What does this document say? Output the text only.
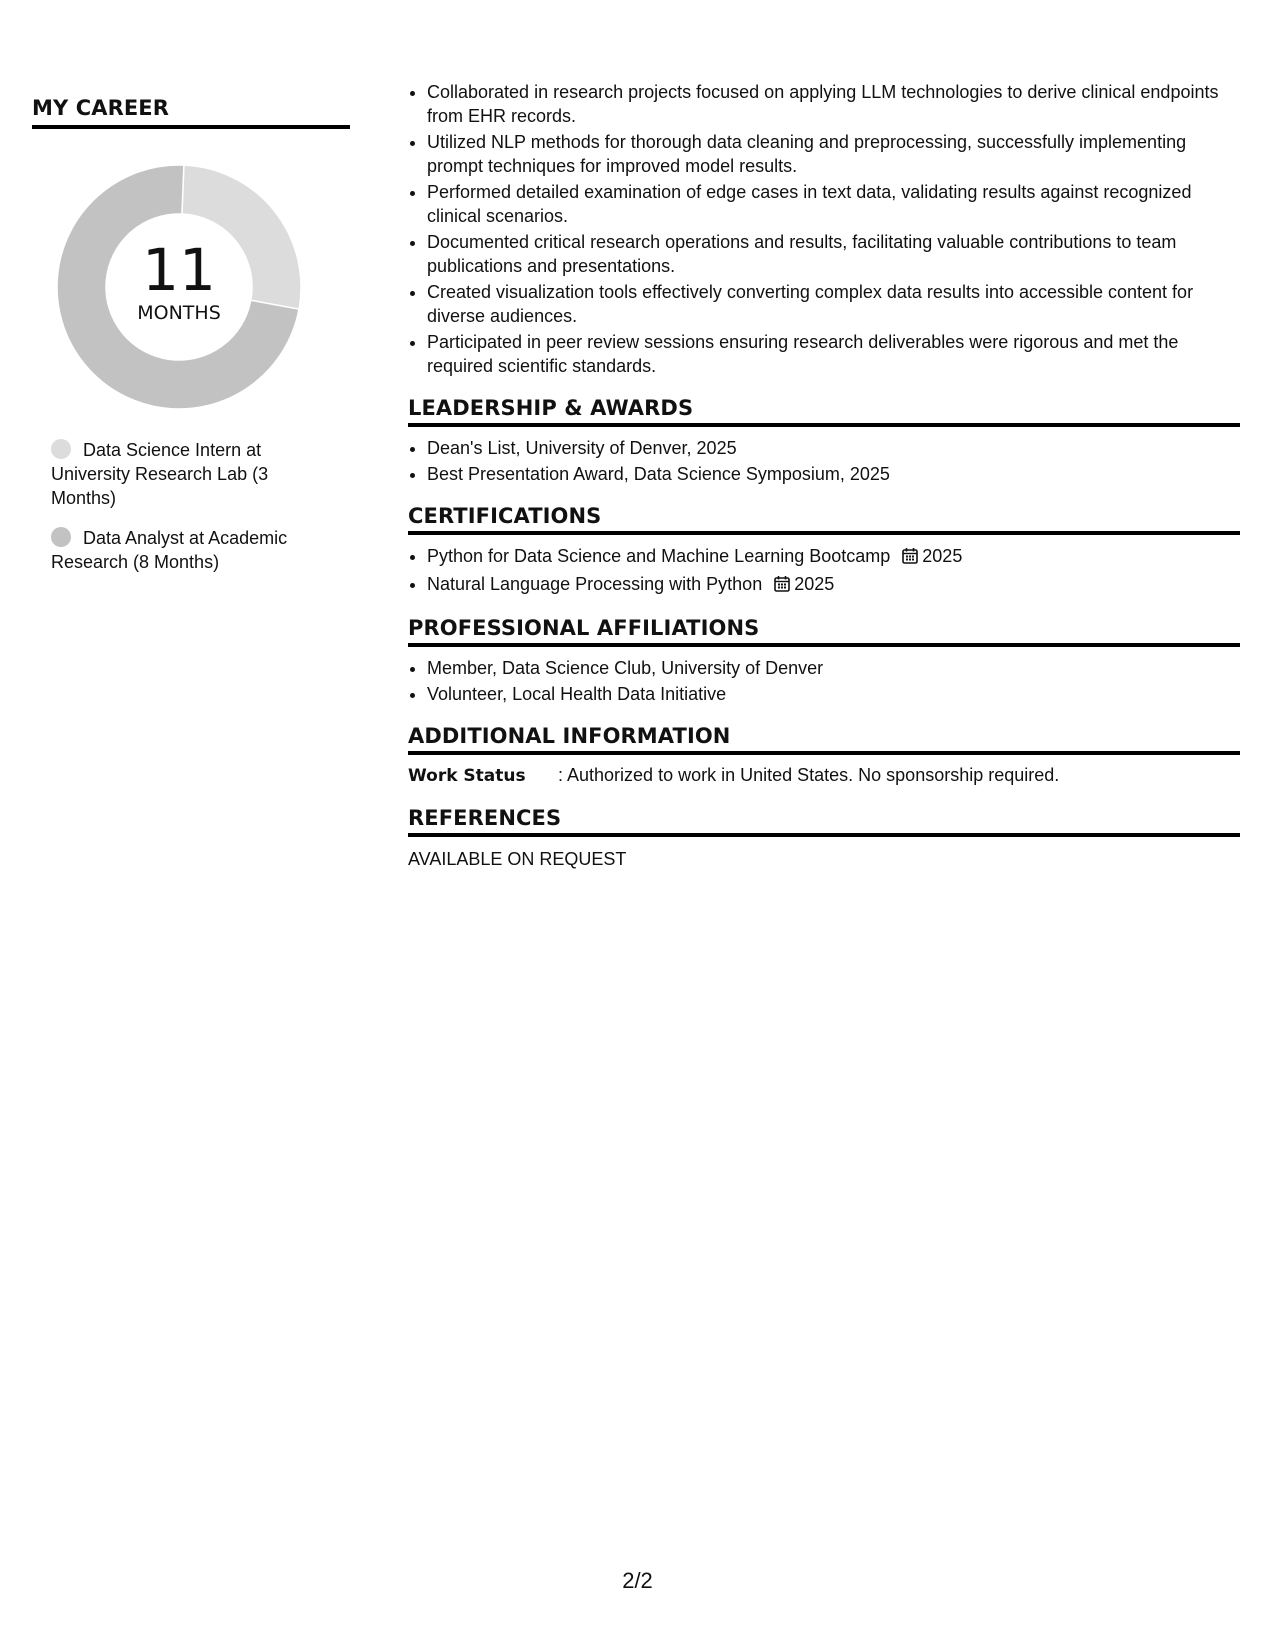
MY CAREER
11
MONTHS
Data Science Intern at University Research Lab (3 Months)
Data Analyst at Academic Research (8 Months)
• Collaborated in research projects focused on applying LLM technologies to derive clinical endpoints from EHR records.
• Utilized NLP methods for thorough data cleaning and preprocessing, successfully implementing prompt techniques for improved model results.
• Performed detailed examination of edge cases in text data, validating results against recognized clinical scenarios.
• Documented critical research operations and results, facilitating valuable contributions to team publications and presentations.
• Created visualization tools effectively converting complex data results into accessible content for diverse audiences.
• Participated in peer review sessions ensuring research deliverables were rigorous and met the required scientific standards.
LEADERSHIP & AWARDS
• Dean's List, University of Denver, 2025
• Best Presentation Award, Data Science Symposium, 2025
CERTIFICATIONS
• Python for Data Science and Machine Learning Bootcamp 2025
• Natural Language Processing with Python 2025
PROFESSIONAL AFFILIATIONS
• Member, Data Science Club, University of Denver
• Volunteer, Local Health Data Initiative
ADDITIONAL INFORMATION
Work Status : Authorized to work in United States. No sponsorship required.
REFERENCES
AVAILABLE ON REQUEST
2/2
